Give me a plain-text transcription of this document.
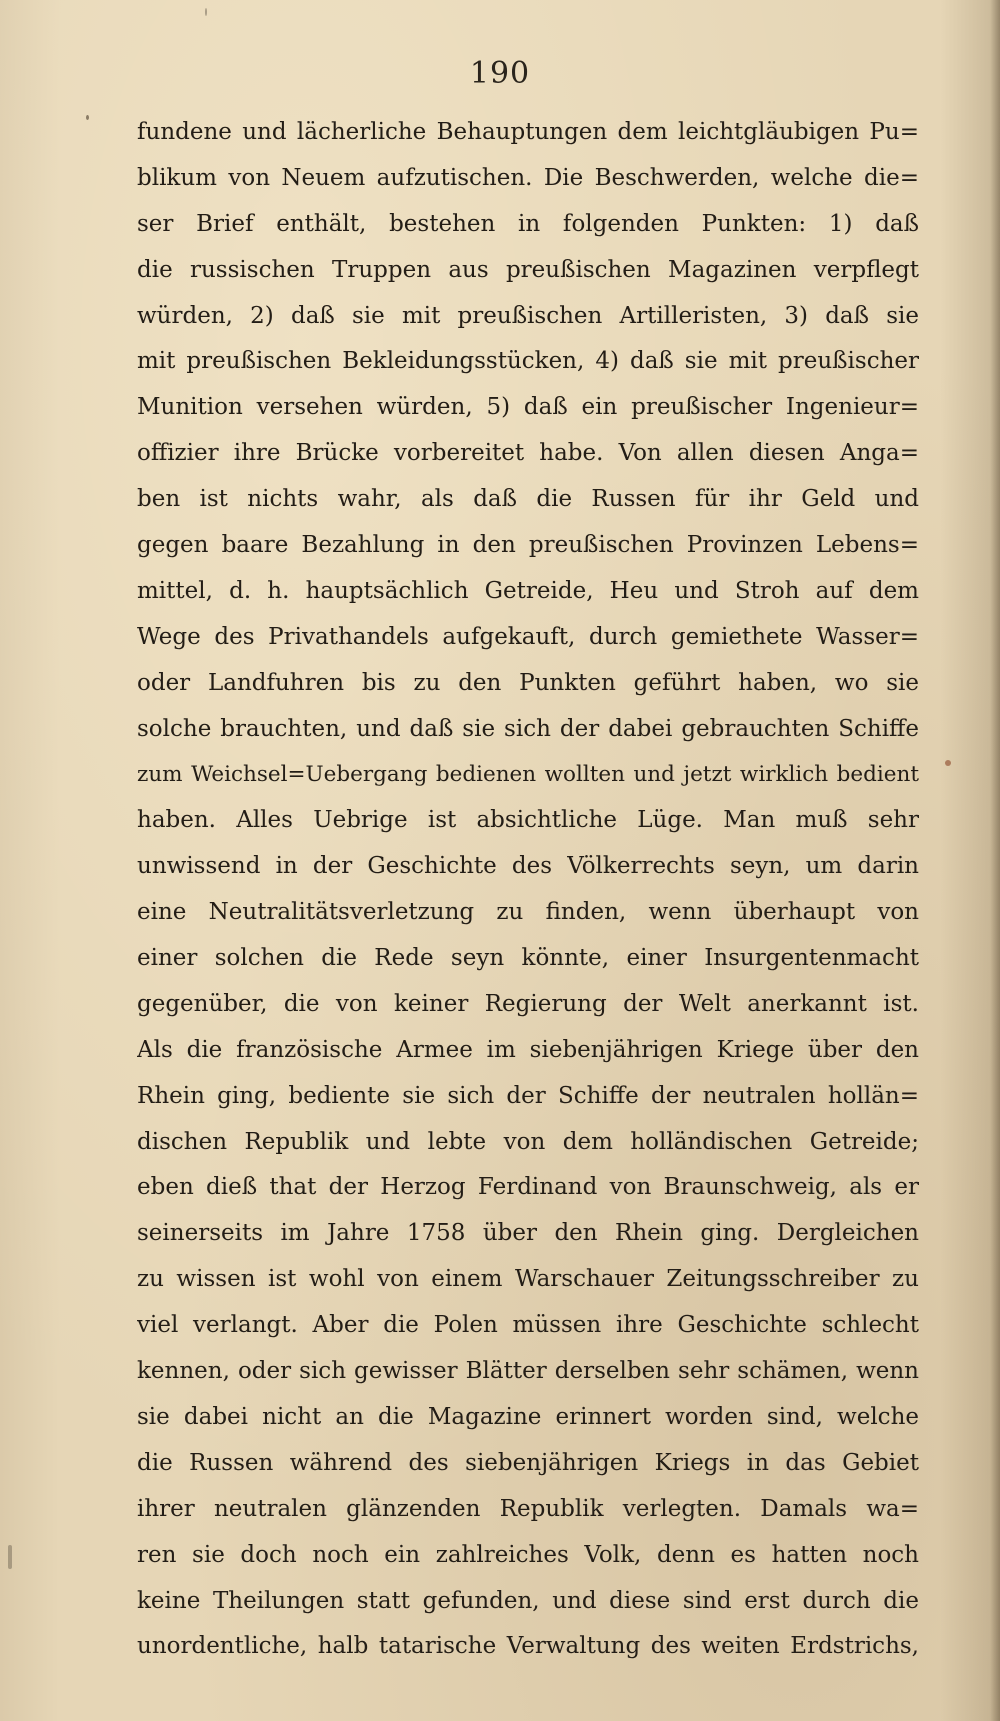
190
fundene und lächerliche Behauptungen dem leichtgläubigen Pu=
blikum von Neuem aufzutischen. Die Beschwerden, welche die=
ser Brief enthält, bestehen in folgenden Punkten: 1) daß
die russischen Truppen aus preußischen Magazinen verpflegt
würden, 2) daß sie mit preußischen Artilleristen, 3) daß sie
mit preußischen Bekleidungsstücken, 4) daß sie mit preußischer
Munition versehen würden, 5) daß ein preußischer Ingenieur=
offizier ihre Brücke vorbereitet habe. Von allen diesen Anga=
ben ist nichts wahr, als daß die Russen für ihr Geld und
gegen baare Bezahlung in den preußischen Provinzen Lebens=
mittel, d. h. hauptsächlich Getreide, Heu und Stroh auf dem
Wege des Privathandels aufgekauft, durch gemiethete Wasser=
oder Landfuhren bis zu den Punkten geführt haben, wo sie
solche brauchten, und daß sie sich der dabei gebrauchten Schiffe
zum Weichsel=Uebergang bedienen wollten und jetzt wirklich bedient
haben. Alles Uebrige ist absichtliche Lüge. Man muß sehr
unwissend in der Geschichte des Völkerrechts seyn, um darin
eine Neutralitätsverletzung zu finden, wenn überhaupt von
einer solchen die Rede seyn könnte, einer Insurgentenmacht
gegenüber, die von keiner Regierung der Welt anerkannt ist.
Als die französische Armee im siebenjährigen Kriege über den
Rhein ging, bediente sie sich der Schiffe der neutralen hollän=
dischen Republik und lebte von dem holländischen Getreide;
eben dieß that der Herzog Ferdinand von Braunschweig, als er
seinerseits im Jahre 1758 über den Rhein ging. Dergleichen
zu wissen ist wohl von einem Warschauer Zeitungsschreiber zu
viel verlangt. Aber die Polen müssen ihre Geschichte schlecht
kennen, oder sich gewisser Blätter derselben sehr schämen, wenn
sie dabei nicht an die Magazine erinnert worden sind, welche
die Russen während des siebenjährigen Kriegs in das Gebiet
ihrer neutralen glänzenden Republik verlegten. Damals wa=
ren sie doch noch ein zahlreiches Volk, denn es hatten noch
keine Theilungen statt gefunden, und diese sind erst durch die
unordentliche, halb tatarische Verwaltung des weiten Erdstrichs,
